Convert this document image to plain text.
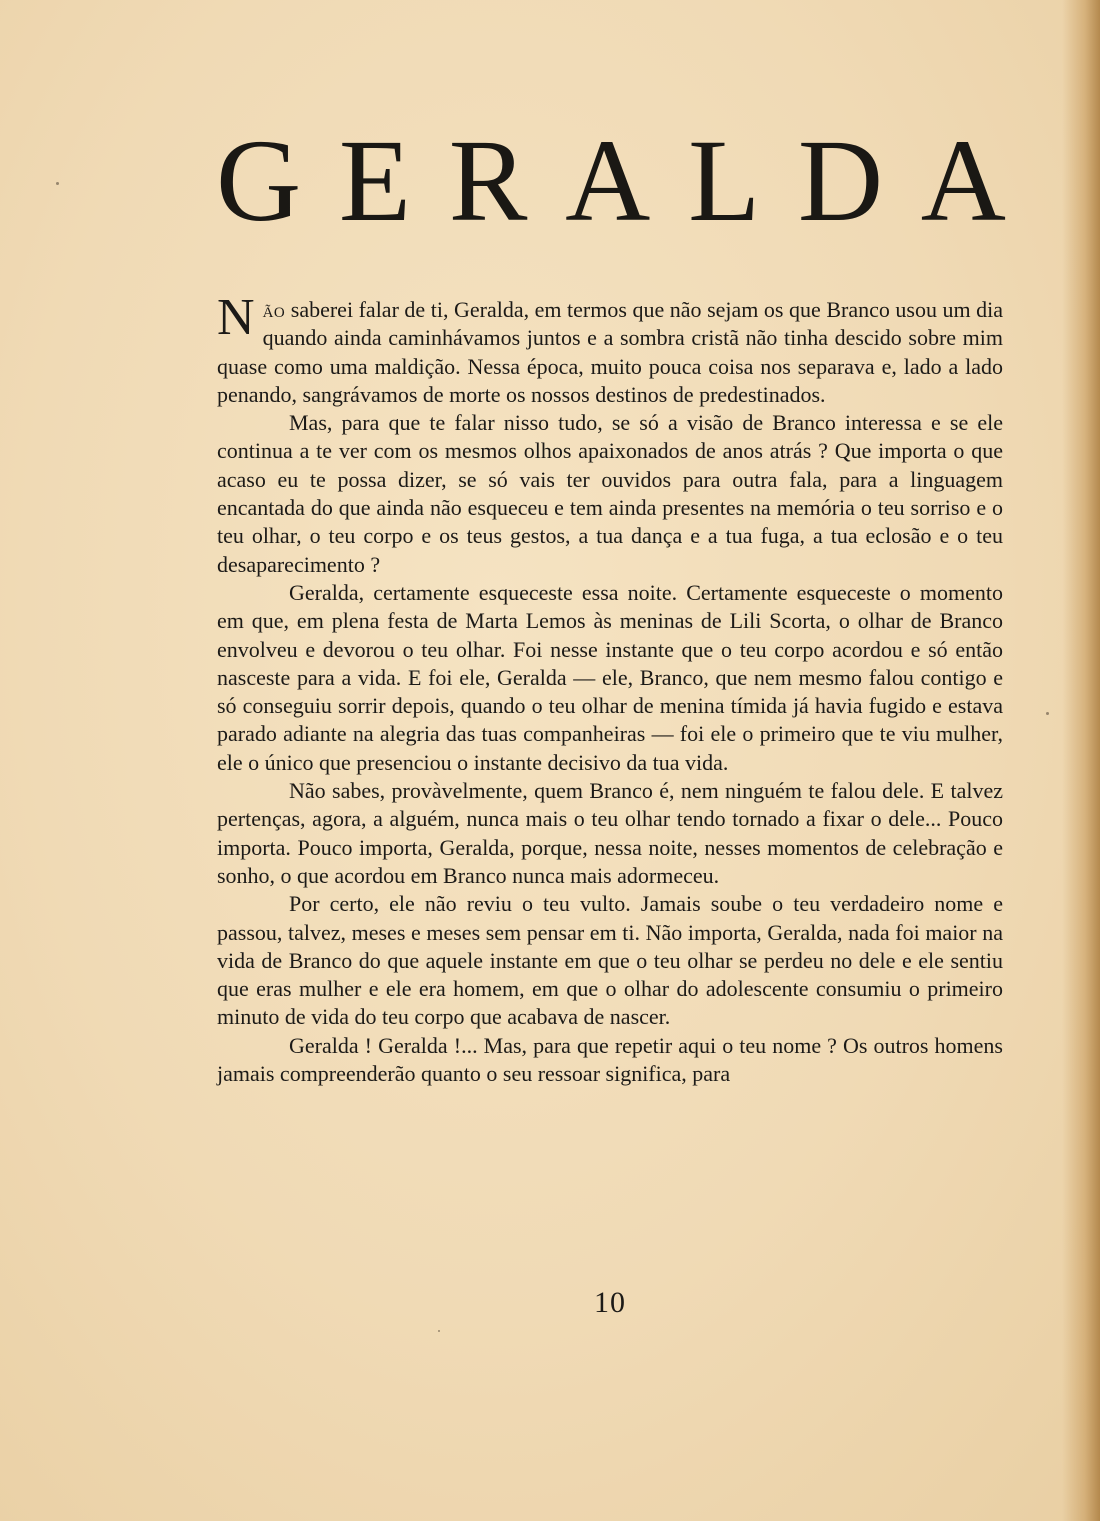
G E R A L D A

Não saberei falar de ti, Geralda, em termos que não sejam os que Branco usou um dia quando ainda caminhávamos juntos e a sombra cristã não tinha descido sobre mim quase como uma maldição. Nessa época, muito pouca coisa nos separava e, lado a lado penando, sangrávamos de morte os nossos destinos de predestinados.

Mas, para que te falar nisso tudo, se só a visão de Branco interessa e se ele continua a te ver com os mesmos olhos apaixonados de anos atrás ? Que importa o que acaso eu te possa dizer, se só vais ter ouvidos para outra fala, para a linguagem encantada do que ainda não esqueceu e tem ainda presentes na memória o teu sorriso e o teu olhar, o teu corpo e os teus gestos, a tua dança e a tua fuga, a tua eclosão e o teu desaparecimento ?

Geralda, certamente esqueceste essa noite. Certamente esqueceste o momento em que, em plena festa de Marta Lemos às meninas de Lili Scorta, o olhar de Branco envolveu e devorou o teu olhar. Foi nesse instante que o teu corpo acordou e só então nasceste para a vida. E foi ele, Geralda — ele, Branco, que nem mesmo falou contigo e só conseguiu sorrir depois, quando o teu olhar de menina tímida já havia fugido e estava parado adiante na alegria das tuas companheiras — foi ele o primeiro que te viu mulher, ele o único que presenciou o instante decisivo da tua vida.

Não sabes, provàvelmente, quem Branco é, nem ninguém te falou dele. E talvez pertenças, agora, a alguém, nunca mais o teu olhar tendo tornado a fixar o dele... Pouco importa. Pouco importa, Geralda, porque, nessa noite, nesses momentos de celebração e sonho, o que acordou em Branco nunca mais adormeceu.

Por certo, ele não reviu o teu vulto. Jamais soube o teu verdadeiro nome e passou, talvez, meses e meses sem pensar em ti. Não importa, Geralda, nada foi maior na vida de Branco do que aquele instante em que o teu olhar se perdeu no dele e ele sentiu que eras mulher e ele era homem, em que o olhar do adolescente consumiu o primeiro minuto de vida do teu corpo que acabava de nascer.

Geralda ! Geralda !... Mas, para que repetir aqui o teu nome ? Os outros homens jamais compreenderão quanto o seu ressoar significa, para

10
